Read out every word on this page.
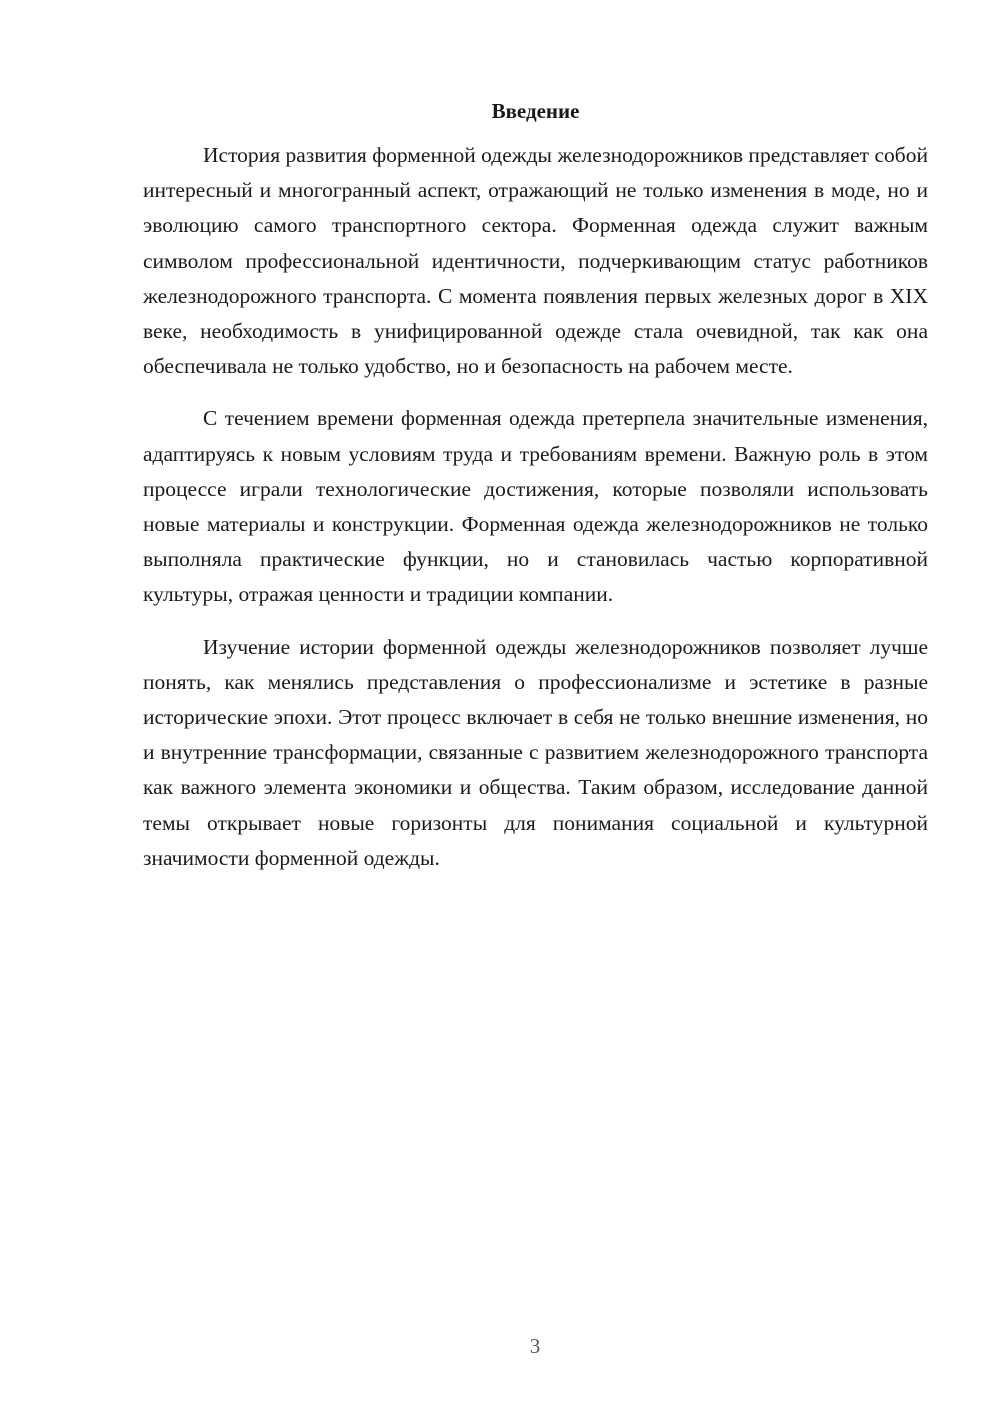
Введение

История развития форменной одежды железнодорожников представляет собой интересный и многогранный аспект, отражающий не только изменения в моде, но и эволюцию самого транспортного сектора. Форменная одежда служит важным символом профессиональной идентичности, подчеркивающим статус работников железнодорожного транспорта. С момента появления первых железных дорог в XIX веке, необходимость в унифицированной одежде стала очевидной, так как она обеспечивала не только удобство, но и безопасность на рабочем месте.

С течением времени форменная одежда претерпела значительные изменения, адаптируясь к новым условиям труда и требованиям времени. Важную роль в этом процессе играли технологические достижения, которые позволяли использовать новые материалы и конструкции. Форменная одежда железнодорожников не только выполняла практические функции, но и становилась частью корпоративной культуры, отражая ценности и традиции компании.

Изучение истории форменной одежды железнодорожников позволяет лучше понять, как менялись представления о профессионализме и эстетике в разные исторические эпохи. Этот процесс включает в себя не только внешние изменения, но и внутренние трансформации, связанные с развитием железнодорожного транспорта как важного элемента экономики и общества. Таким образом, исследование данной темы открывает новые горизонты для понимания социальной и культурной значимости форменной одежды.

3
